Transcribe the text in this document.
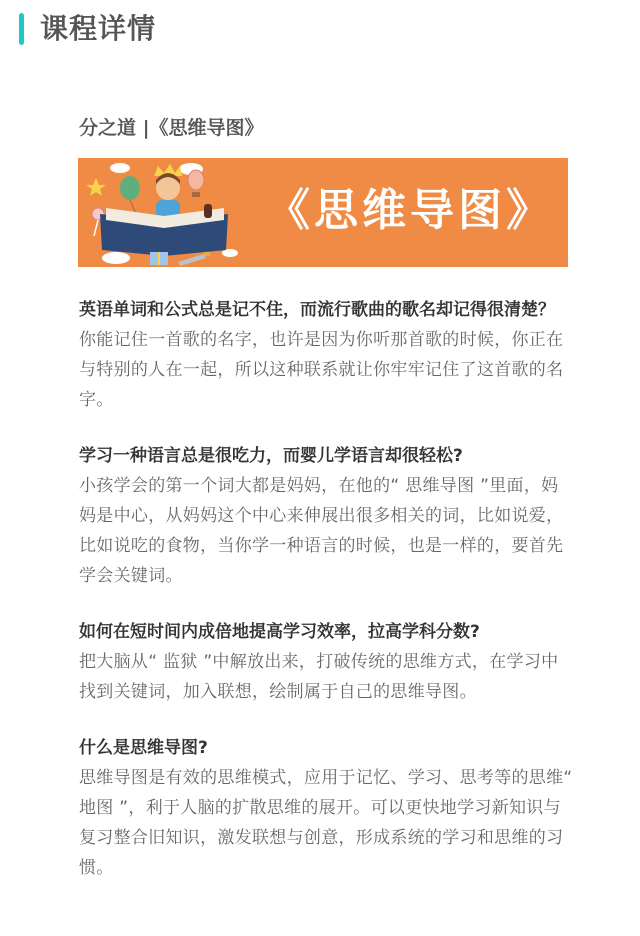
课程详情

分之道 |《思维导图》

《思维导图》

英语单词和公式总是记不住，而流行歌曲的歌名却记得很清楚？

你能记住一首歌的名字，也许是因为你听那首歌的时候，你正在与特别的人在一起，所以这种联系就让你牢牢记住了这首歌的名字。

学习一种语言总是很吃力，而婴儿学语言却很轻松?

小孩学会的第一个词大都是妈妈，在他的“ 思维导图 ”里面，妈妈是中心，从妈妈这个中心来伸展出很多相关的词，比如说爱，比如说吃的食物，当你学一种语言的时候，也是一样的，要首先学会关键词。

如何在短时间内成倍地提高学习效率，拉高学科分数?

把大脑从“ 监狱 ”中解放出来，打破传统的思维方式，在学习中找到关键词，加入联想，绘制属于自己的思维导图。

什么是思维导图?

思维导图是有效的思维模式，应用于记忆、学习、思考等的思维“ 地图 ”，利于人脑的扩散思维的展开。可以更快地学习新知识与复习整合旧知识，激发联想与创意，形成系统的学习和思维的习惯。
